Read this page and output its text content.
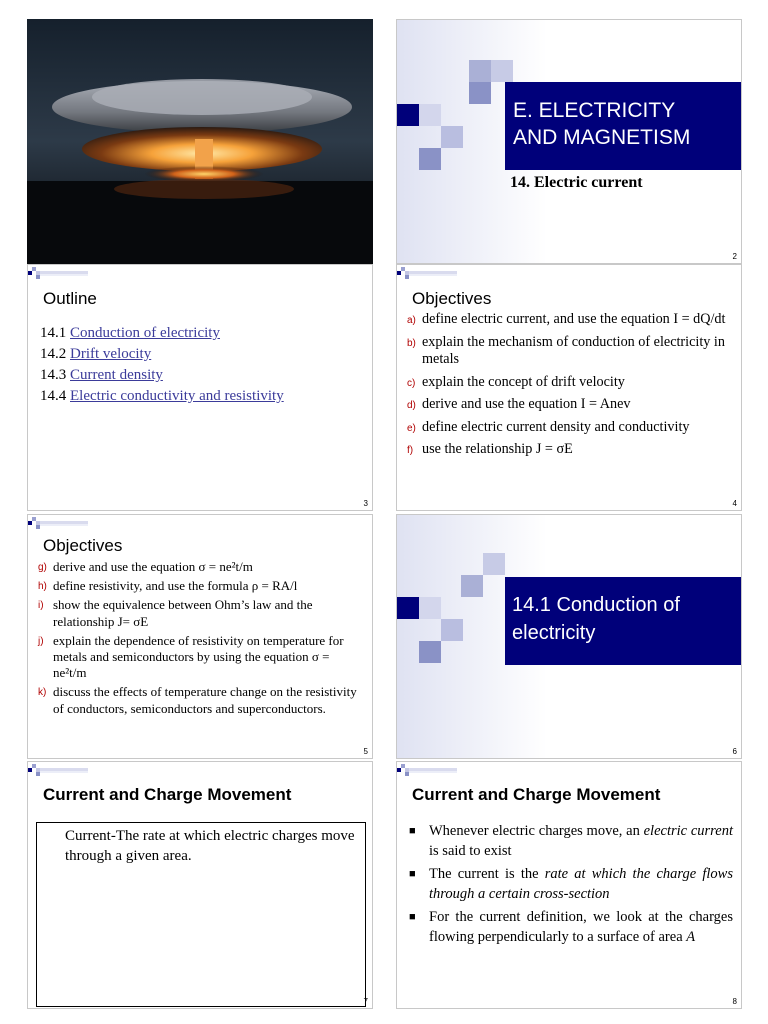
E. ELECTRICITY
AND MAGNETISM
14. Electric current
2
Outline
14.1 Conduction of electricity
14.2 Drift velocity
14.3 Current density
14.4 Electric conductivity and resistivity
3
Objectives
a) define electric current, and use the equation I = dQ/dt
b) explain the mechanism of conduction of electricity in metals
c) explain the concept of drift velocity
d) derive and use the equation I = Anev
e) define electric current density and conductivity
f) use the relationship J = σE
4
Objectives
g) derive and use the equation σ = ne²t/m
h) define resistivity, and use the formula ρ = RA/l
i) show the equivalence between Ohm’s law and the relationship J= σE
j) explain the dependence of resistivity on temperature for metals and semiconductors by using the equation σ = ne²t/m
k) discuss the effects of temperature change on the resistivity of conductors, semiconductors and superconductors.
5
14.1 Conduction of
electricity
6
Current and Charge Movement
Current-The rate at which electric charges move through a given area.
7
Current and Charge Movement
■ Whenever electric charges move, an electric current is said to exist
■ The current is the rate at which the charge flows through a certain cross-section
■ For the current definition, we look at the charges flowing perpendicularly to a surface of area A
8
